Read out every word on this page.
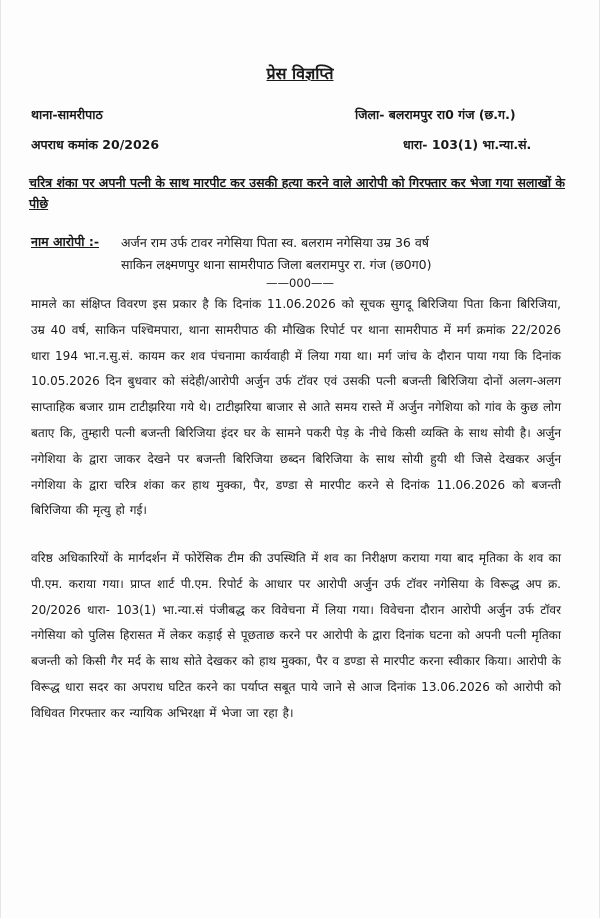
प्रेस विज्ञप्ति
थाना-सामरीपाठ	जिला- बलरामपुर रा0 गंज (छ.ग.)
अपराध कमांक 20/2026	धारा- 103(1) भा.न्या.सं.
चरित्र शंका पर अपनी पत्नी के साथ मारपीट कर उसकी हत्या करने वाले आरोपी को गिरफ्तार कर भेजा गया सलाखों के पीछे
नाम आरोपी :- अर्जन राम उर्फ टावर नगेसिया पिता स्व. बलराम नगेसिया उम्र 36 वर्ष
साकिन लक्ष्मणपुर थाना सामरीपाठ जिला बलरामपुर रा. गंज (छ0ग0)
——000——
मामले का संक्षिप्त विवरण इस प्रकार है कि दिनांक 11.06.2026 को सूचक सुगदू बिरिजिया पिता किना बिरिजिया, उम्र 40 वर्ष, साकिन पश्चिमपारा, थाना सामरीपाठ की मौखिक रिपोर्ट पर थाना सामरीपाठ में मर्ग क्रमांक 22/2026 धारा 194 भा.न.सु.सं. कायम कर शव पंचनामा कार्यवाही में लिया गया था। मर्ग जांच के दौरान पाया गया कि दिनांक 10.05.2026 दिन बुधवार को संदेही/आरोपी अर्जुन उर्फ टॉवर एवं उसकी पत्नी बजन्ती बिरिजिया दोनों अलग-अलग साप्ताहिक बजार ग्राम टाटीझरिया गये थे। टाटीझरिया बाजार से आते समय रास्ते में अर्जुन नगेशिया को गांव के कुछ लोग बताए कि, तुम्हारी पत्नी बजन्ती बिरिजिया इंदर घर के सामने पकरी पेड़ के नीचे किसी व्यक्ति के साथ सोयी है। अर्जुन नगेशिया के द्वारा जाकर देखने पर बजन्ती बिरिजिया छब्दन बिरिजिया के साथ सोयी हुयी थी जिसे देखकर अर्जुन नगेशिया के द्वारा चरित्र शंका कर हाथ मुक्का, पैर, डण्डा से मारपीट करने से दिनांक 11.06.2026 को बजन्ती बिरिजिया की मृत्यु हो गई।
वरिष्ठ अधिकारियों के मार्गदर्शन में फोरेंसिक टीम की उपस्थिति में शव का निरीक्षण कराया गया बाद मृतिका के शव का पी.एम. कराया गया। प्राप्त शार्ट पी.एम. रिपोर्ट के आधार पर आरोपी अर्जुन उर्फ टॉवर नगेसिया के विरूद्ध अप क्र. 20/2026 धारा- 103(1) भा.न्या.सं पंजीबद्ध कर विवेचना में लिया गया। विवेचना दौरान आरोपी अर्जुन उर्फ टॉवर नगेसिया को पुलिस हिरासत में लेकर कड़ाई से पूछताछ करने पर आरोपी के द्वारा दिनांक घटना को अपनी पत्नी मृतिका बजन्ती को किसी गैर मर्द के साथ सोते देखकर को हाथ मुक्का, पैर व डण्डा से मारपीट करना स्वीकार किया। आरोपी के विरूद्ध धारा सदर का अपराध घटित करने का पर्याप्त सबूत पाये जाने से आज दिनांक 13.06.2026 को आरोपी को विधिवत गिरफ्तार कर न्यायिक अभिरक्षा में भेजा जा रहा है।
